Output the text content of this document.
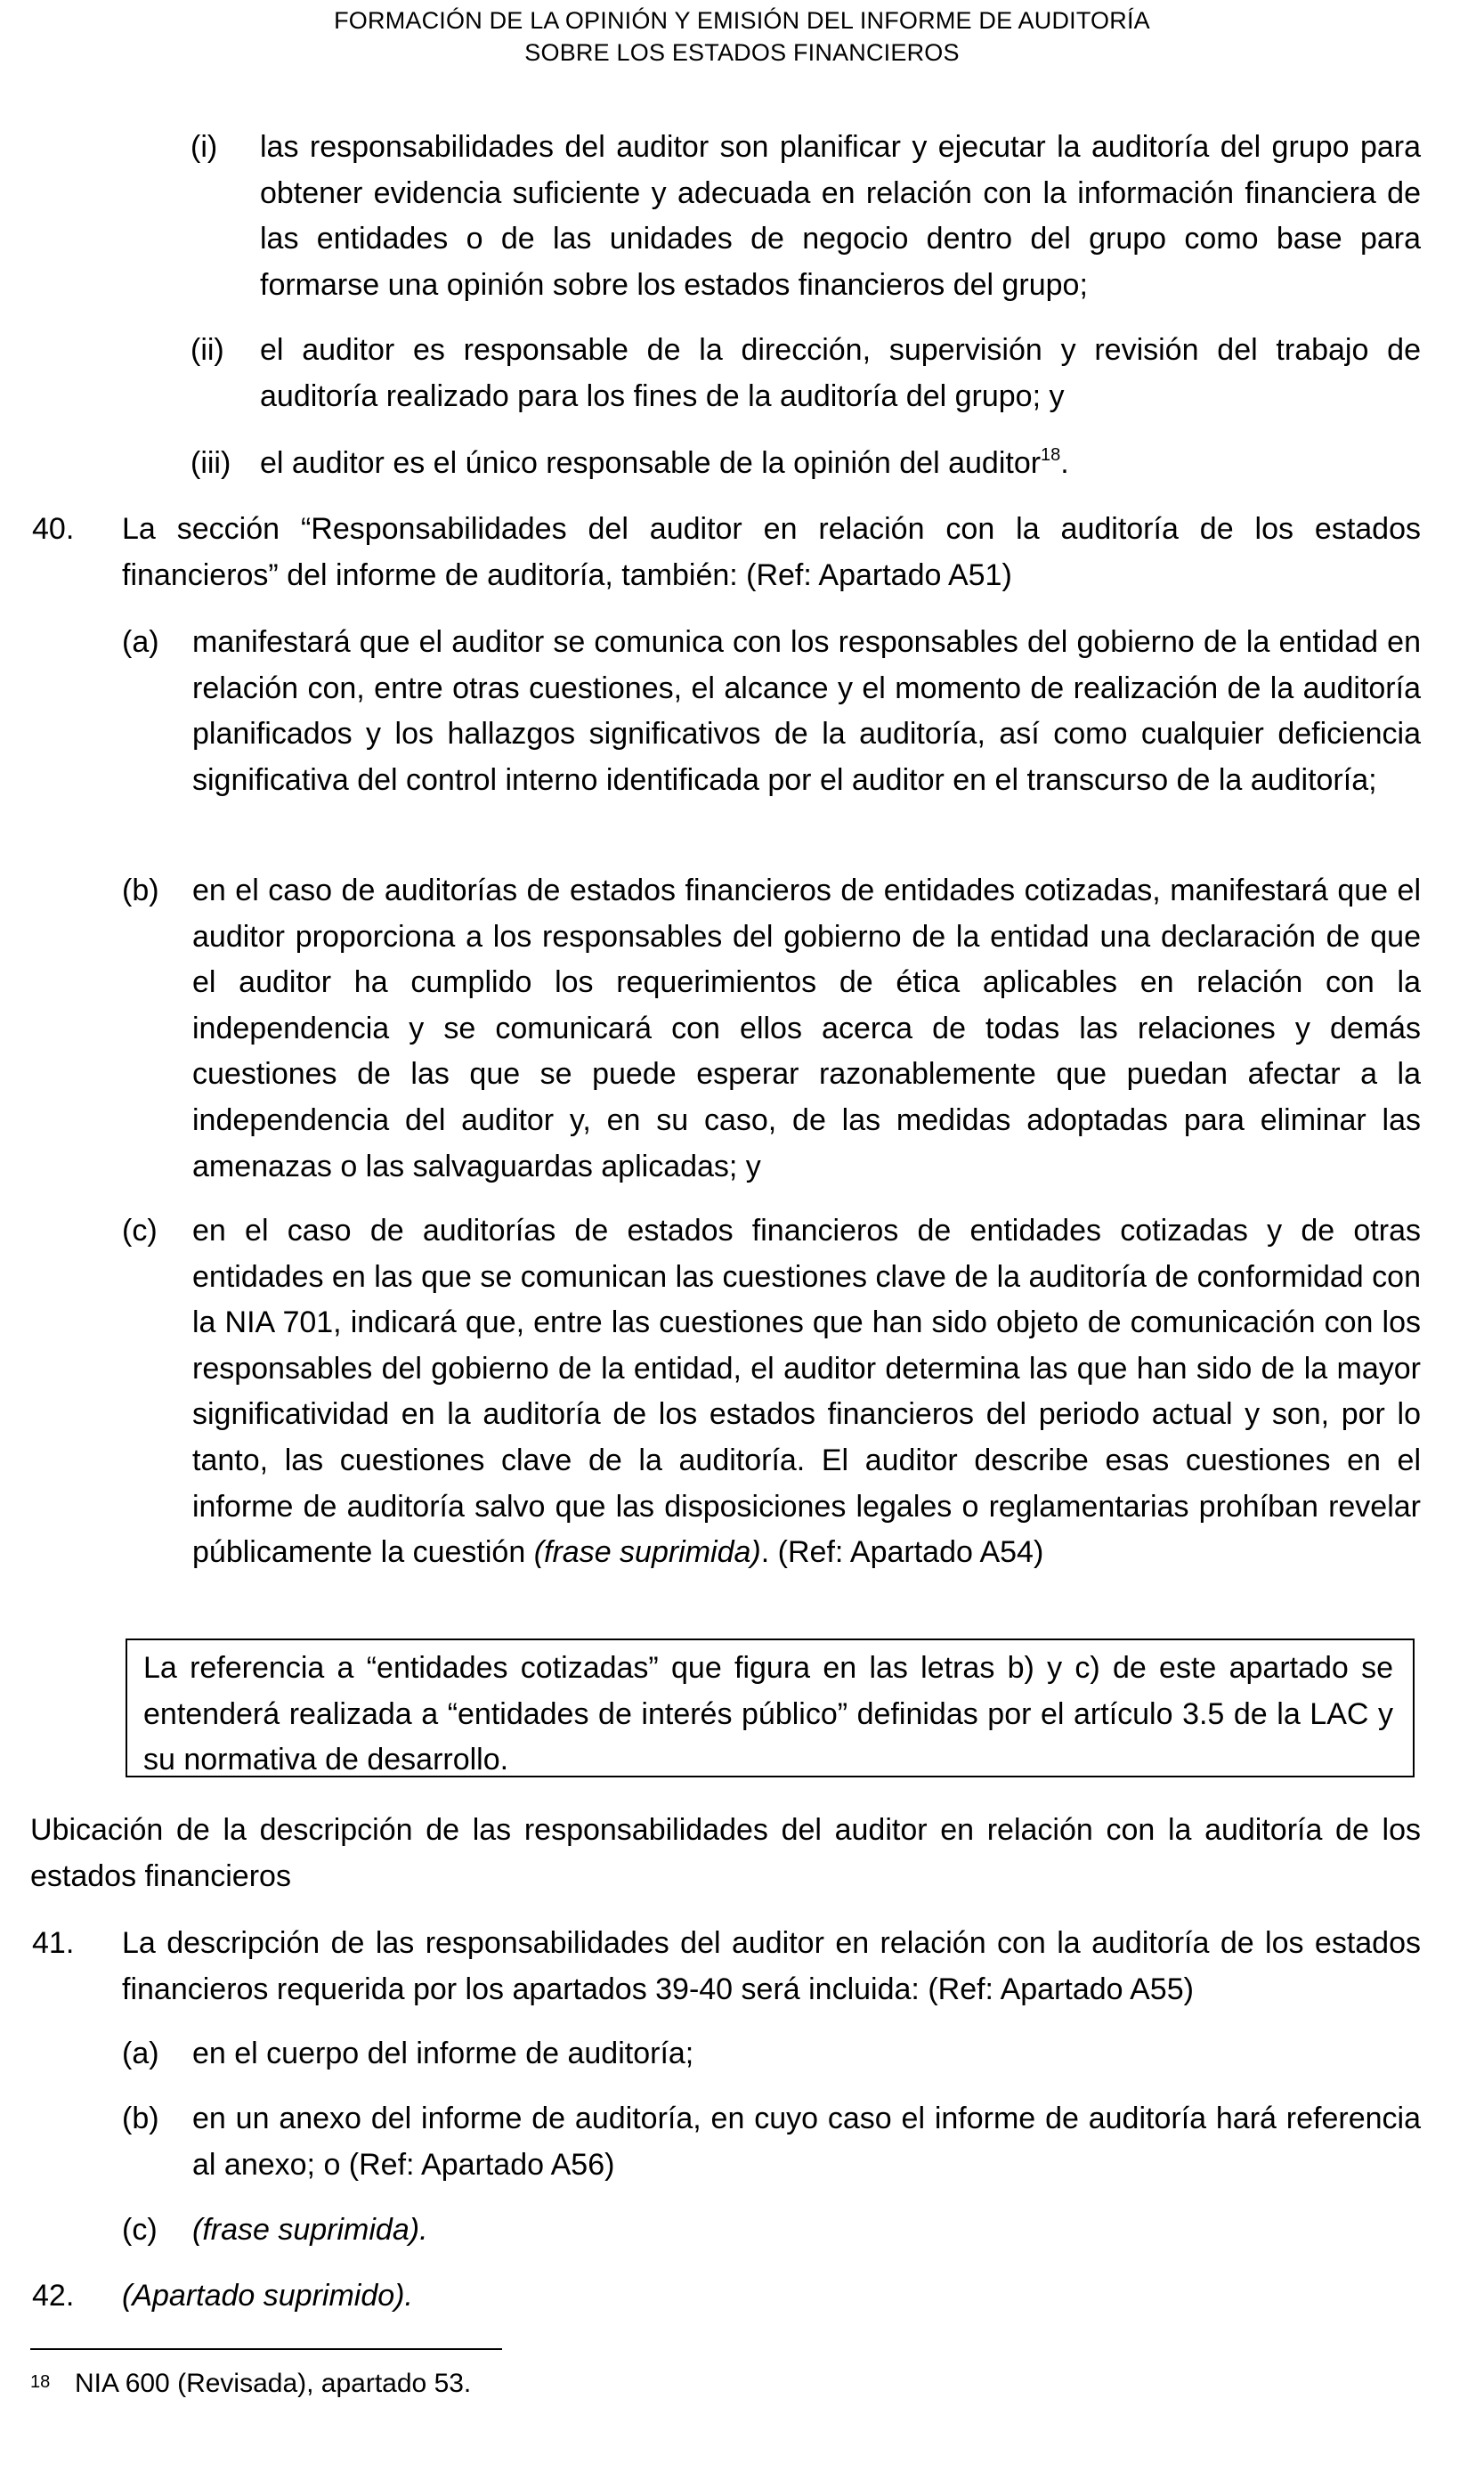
FORMACIÓN DE LA OPINIÓN Y EMISIÓN DEL INFORME DE AUDITORÍA
SOBRE LOS ESTADOS FINANCIEROS
(i) las responsabilidades del auditor son planificar y ejecutar la auditoría del grupo para obtener evidencia suficiente y adecuada en relación con la información financiera de las entidades o de las unidades de negocio dentro del grupo como base para formarse una opinión sobre los estados financieros del grupo;
(ii) el auditor es responsable de la dirección, supervisión y revisión del trabajo de auditoría realizado para los fines de la auditoría del grupo; y
(iii) el auditor es el único responsable de la opinión del auditor$^{18}$.
40. La sección “Responsabilidades del auditor en relación con la auditoría de los estados financieros” del informe de auditoría, también: (Ref: Apartado A51)
(a) manifestará que el auditor se comunica con los responsables del gobierno de la entidad en relación con, entre otras cuestiones, el alcance y el momento de realización de la auditoría planificados y los hallazgos significativos de la auditoría, así como cualquier deficiencia significativa del control interno identificada por el auditor en el transcurso de la auditoría;
(b) en el caso de auditorías de estados financieros de entidades cotizadas, manifestará que el auditor proporciona a los responsables del gobierno de la entidad una declaración de que el auditor ha cumplido los requerimientos de ética aplicables en relación con la independencia y se comunicará con ellos acerca de todas las relaciones y demás cuestiones de las que se puede esperar razonablemente que puedan afectar a la independencia del auditor y, en su caso, de las medidas adoptadas para eliminar las amenazas o las salvaguardas aplicadas; y
(c) en el caso de auditorías de estados financieros de entidades cotizadas y de otras entidades en las que se comunican las cuestiones clave de la auditoría de conformidad con la NIA 701, indicará que, entre las cuestiones que han sido objeto de comunicación con los responsables del gobierno de la entidad, el auditor determina las que han sido de la mayor significatividad en la auditoría de los estados financieros del periodo actual y son, por lo tanto, las cuestiones clave de la auditoría. El auditor describe esas cuestiones en el informe de auditoría salvo que las disposiciones legales o reglamentarias prohíban revelar públicamente la cuestión (frase suprimida). (Ref: Apartado A54)
La referencia a “entidades cotizadas” que figura en las letras b) y c) de este apartado se entenderá realizada a “entidades de interés público” definidas por el artículo 3.5 de la LAC y su normativa de desarrollo.
Ubicación de la descripción de las responsabilidades del auditor en relación con la auditoría de los estados financieros
41. La descripción de las responsabilidades del auditor en relación con la auditoría de los estados financieros requerida por los apartados 39-40 será incluida: (Ref: Apartado A55)
(a) en el cuerpo del informe de auditoría;
(b) en un anexo del informe de auditoría, en cuyo caso el informe de auditoría hará referencia al anexo; o (Ref: Apartado A56)
(c) (frase suprimida).
42. (Apartado suprimido).
18 NIA 600 (Revisada), apartado 53.
